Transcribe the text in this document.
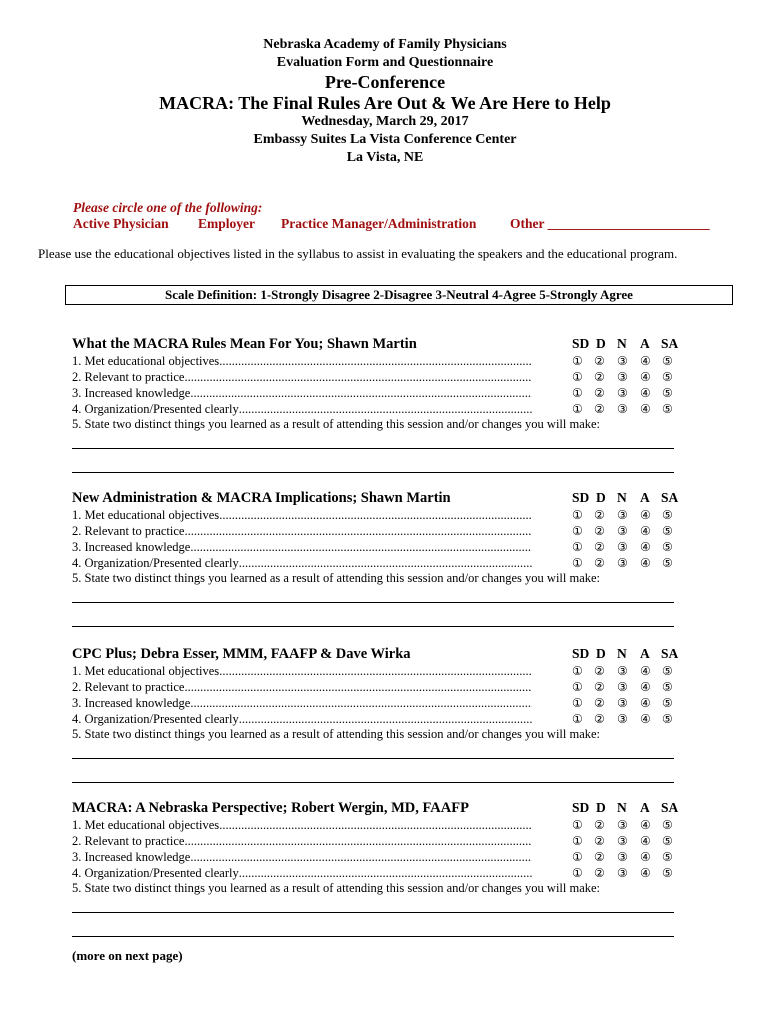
Nebraska Academy of Family Physicians
Evaluation Form and Questionnaire
Pre-Conference
MACRA: The Final Rules Are Out & We Are Here to Help
Wednesday, March 29, 2017
Embassy Suites La Vista Conference Center
La Vista, NE
Please circle one of the following:
Active Physician Employer Practice Manager/Administration Other ________________________
Please use the educational objectives listed in the syllabus to assist in evaluating the speakers and the educational program.
Scale Definition: 1-Strongly Disagree 2-Disagree 3-Neutral 4-Agree 5-Strongly Agree
What the MACRA Rules Mean For You; Shawn Martin	SD D N A SA
1. Met educational objectives .....	① ② ③ ④ ⑤
2. Relevant to practice .....	① ② ③ ④ ⑤
3. Increased knowledge .....	① ② ③ ④ ⑤
4. Organization/Presented clearly .....	① ② ③ ④ ⑤
5. State two distinct things you learned as a result of attending this session and/or changes you will make:
New Administration & MACRA Implications; Shawn Martin	SD D N A SA
1. Met educational objectives .....	① ② ③ ④ ⑤
2. Relevant to practice .....	① ② ③ ④ ⑤
3. Increased knowledge .....	① ② ③ ④ ⑤
4. Organization/Presented clearly .....	① ② ③ ④ ⑤
5. State two distinct things you learned as a result of attending this session and/or changes you will make:
CPC Plus; Debra Esser, MMM, FAAFP & Dave Wirka	SD D N A SA
1. Met educational objectives .....	① ② ③ ④ ⑤
2. Relevant to practice .....	① ② ③ ④ ⑤
3. Increased knowledge .....	① ② ③ ④ ⑤
4. Organization/Presented clearly .....	① ② ③ ④ ⑤
5. State two distinct things you learned as a result of attending this session and/or changes you will make:
MACRA: A Nebraska Perspective; Robert Wergin, MD, FAAFP	SD D N A SA
1. Met educational objectives .....	① ② ③ ④ ⑤
2. Relevant to practice .....	① ② ③ ④ ⑤
3. Increased knowledge .....	① ② ③ ④ ⑤
4. Organization/Presented clearly .....	① ② ③ ④ ⑤
5. State two distinct things you learned as a result of attending this session and/or changes you will make:
(more on next page)
